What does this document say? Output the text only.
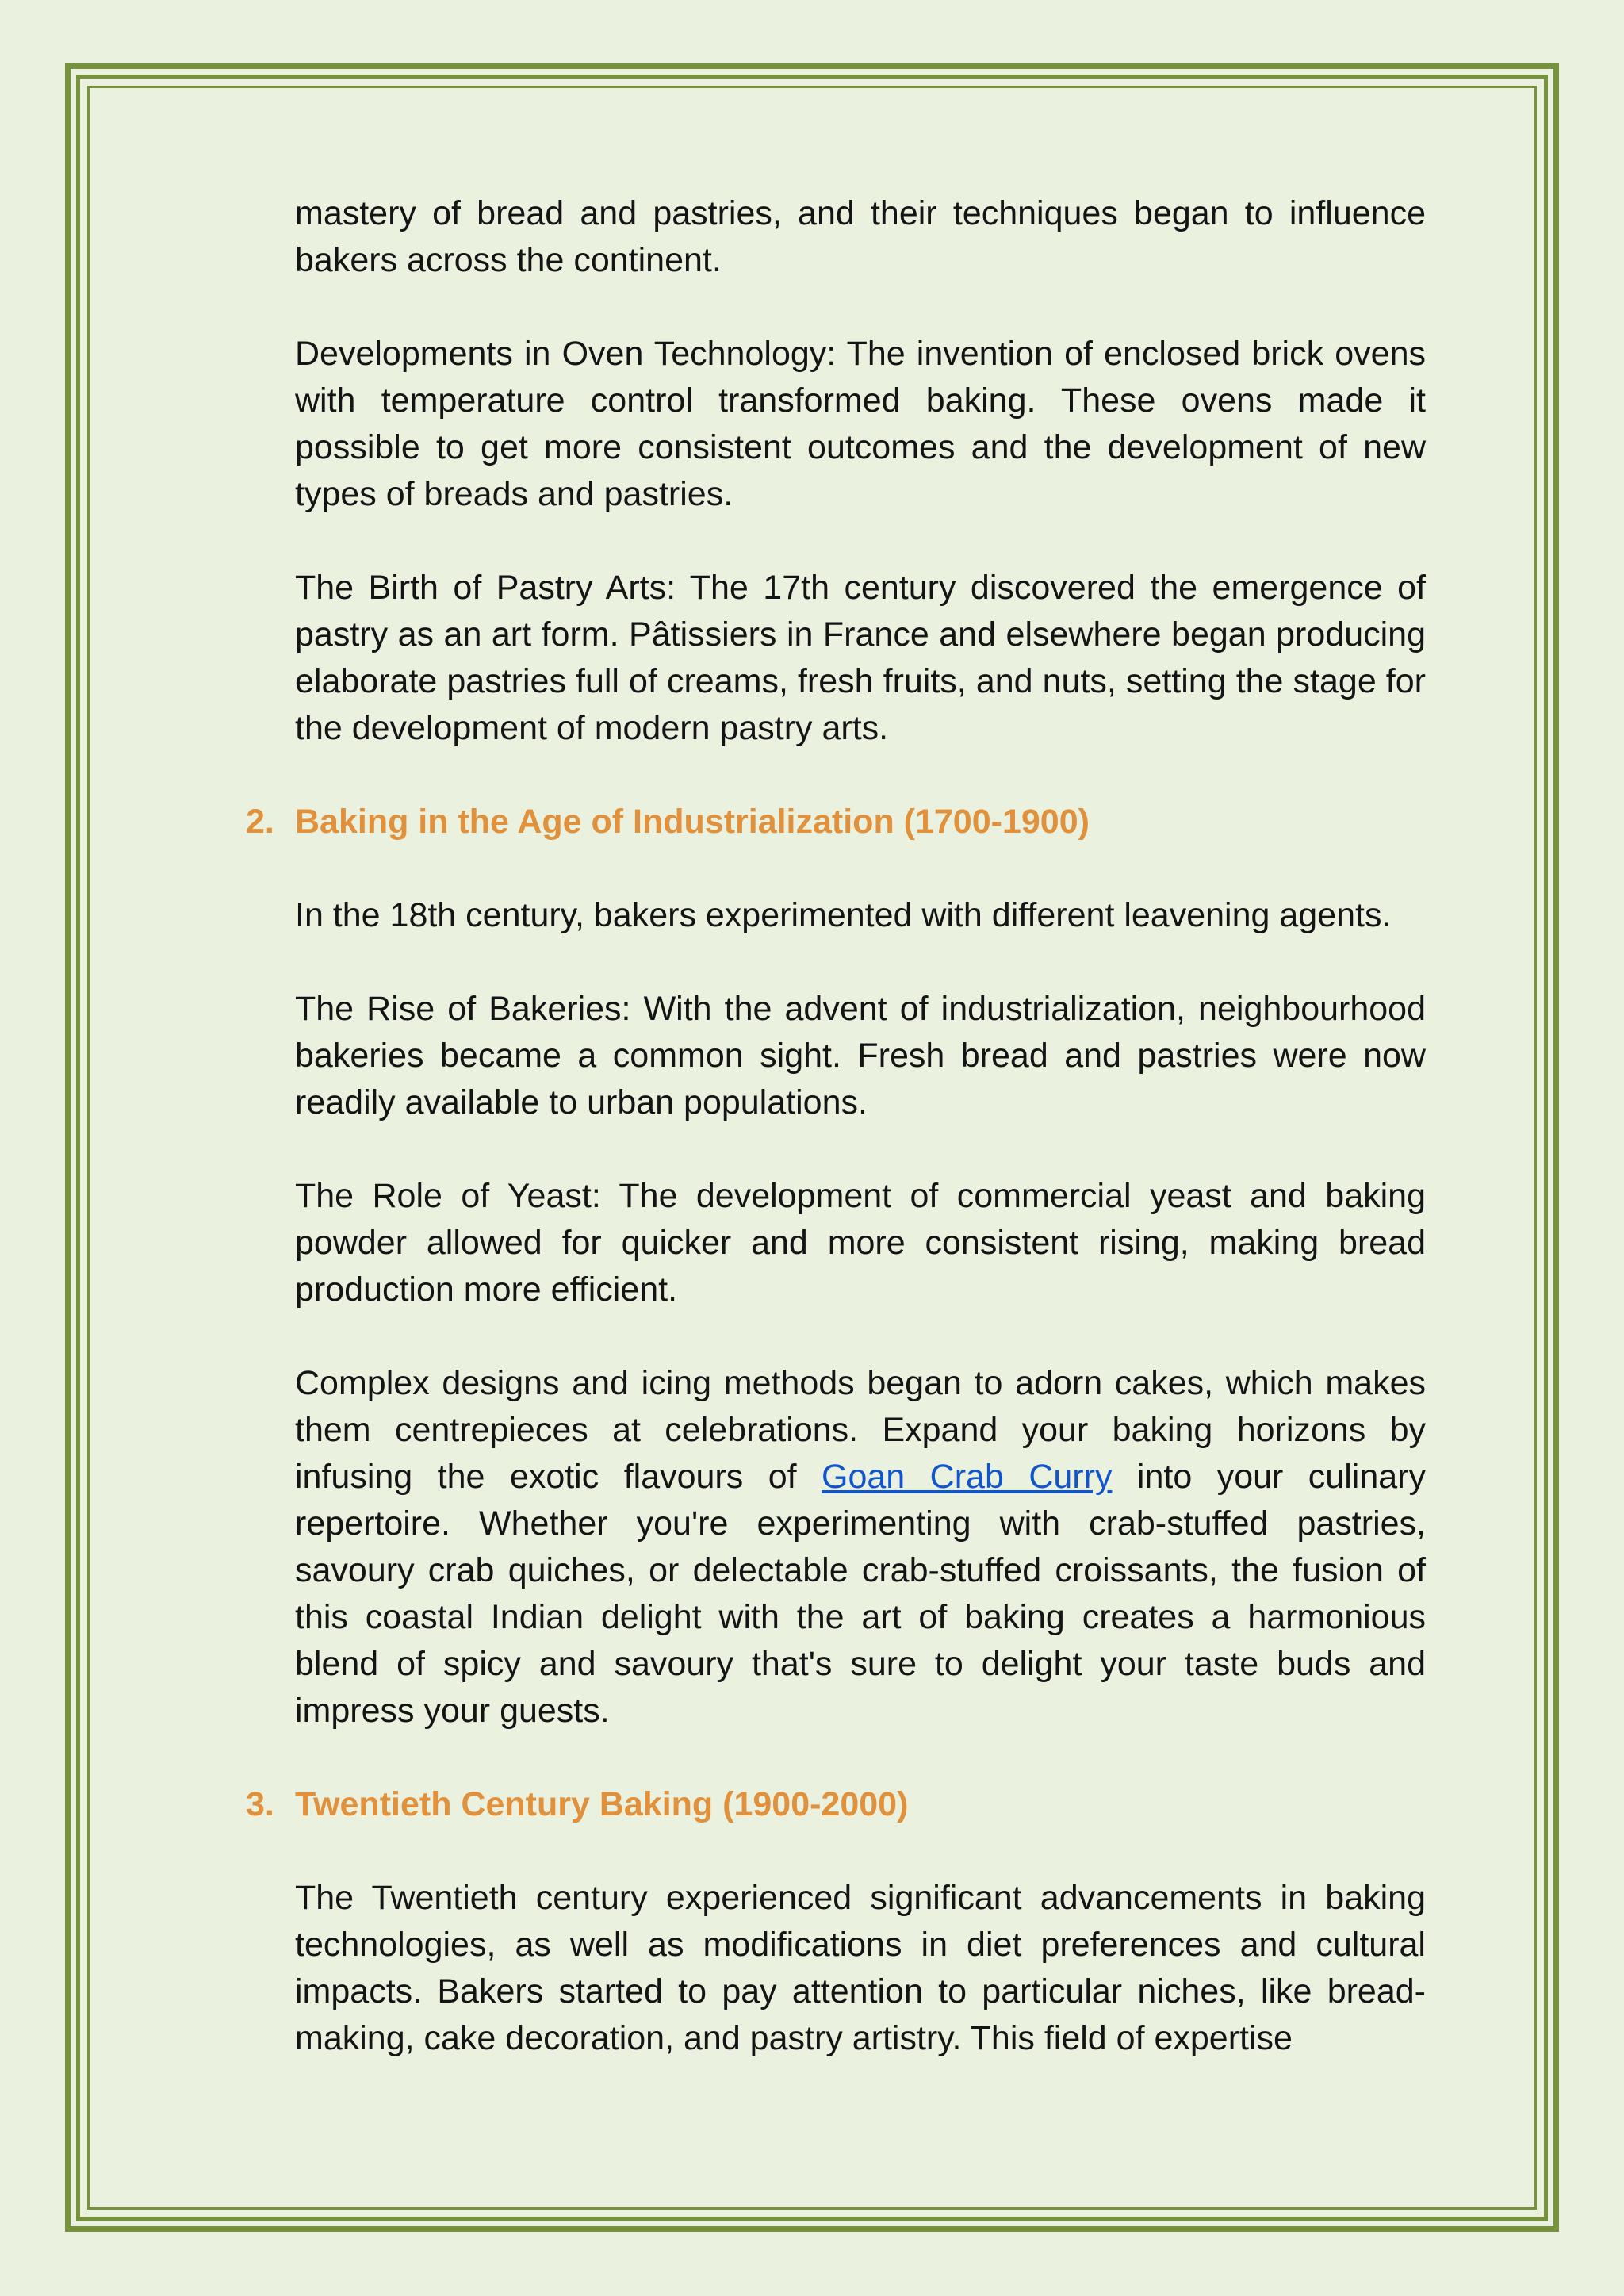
mastery of bread and pastries, and their techniques began to influence bakers across the continent.

Developments in Oven Technology: The invention of enclosed brick ovens with temperature control transformed baking. These ovens made it possible to get more consistent outcomes and the development of new types of breads and pastries.

The Birth of Pastry Arts: The 17th century discovered the emergence of pastry as an art form. Pâtissiers in France and elsewhere began producing elaborate pastries full of creams, fresh fruits, and nuts, setting the stage for the development of modern pastry arts.

2. Baking in the Age of Industrialization (1700-1900)

In the 18th century, bakers experimented with different leavening agents.

The Rise of Bakeries: With the advent of industrialization, neighbourhood bakeries became a common sight. Fresh bread and pastries were now readily available to urban populations.

The Role of Yeast: The development of commercial yeast and baking powder allowed for quicker and more consistent rising, making bread production more efficient.

Complex designs and icing methods began to adorn cakes, which makes them centrepieces at celebrations. Expand your baking horizons by infusing the exotic flavours of Goan Crab Curry into your culinary repertoire. Whether you're experimenting with crab-stuffed pastries, savoury crab quiches, or delectable crab-stuffed croissants, the fusion of this coastal Indian delight with the art of baking creates a harmonious blend of spicy and savoury that's sure to delight your taste buds and impress your guests.

3. Twentieth Century Baking (1900-2000)

The Twentieth century experienced significant advancements in baking technologies, as well as modifications in diet preferences and cultural impacts. Bakers started to pay attention to particular niches, like bread-making, cake decoration, and pastry artistry. This field of expertise
